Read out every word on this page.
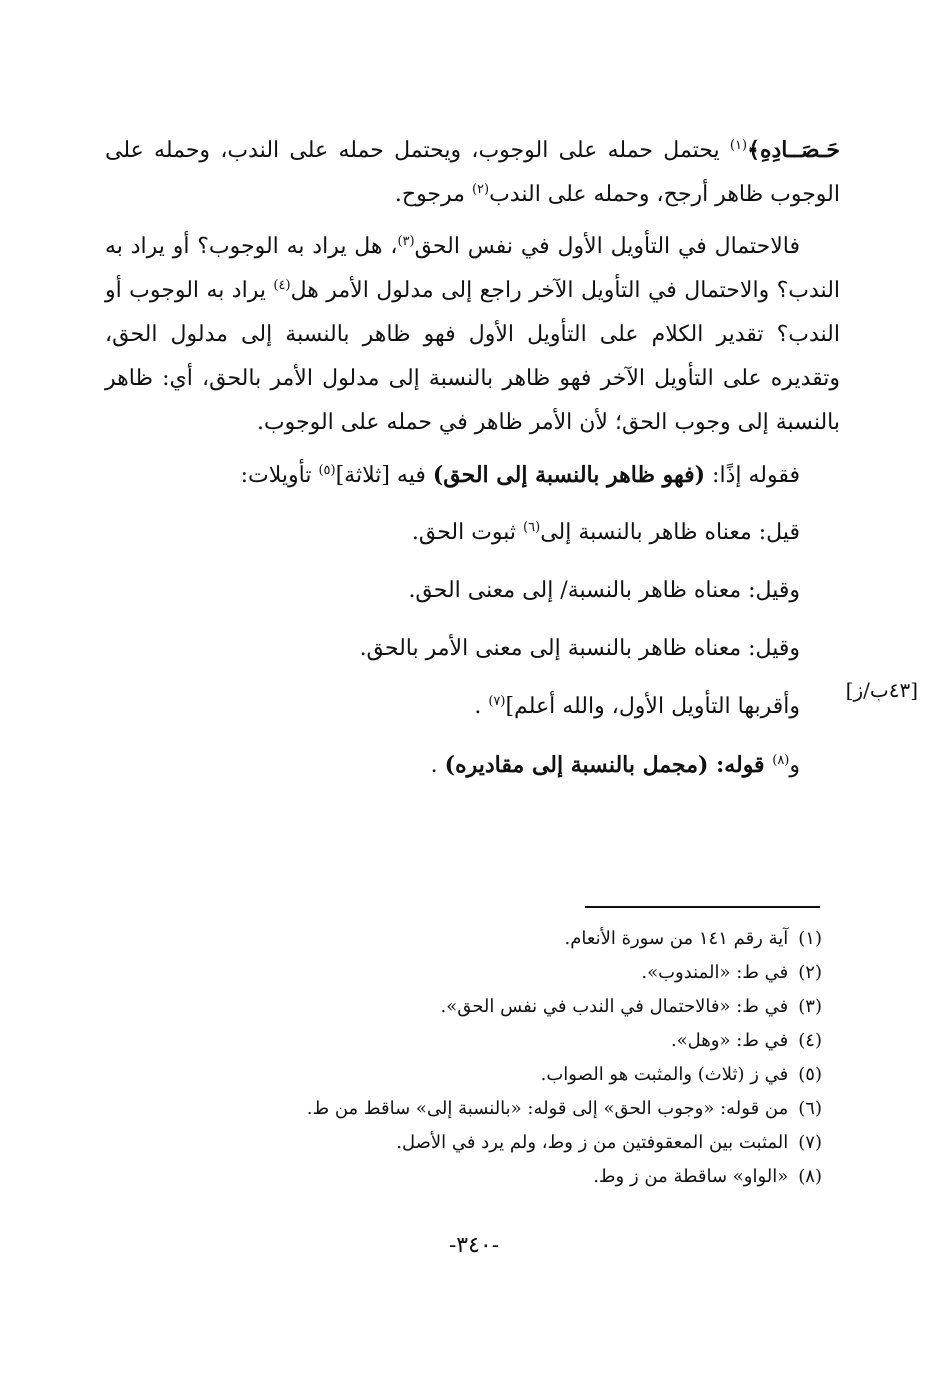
حَـصَــادِهِ﴾$^{(١)}$ يحتمل حمله على الوجوب، ويحتمل حمله على الندب، وحمله على الوجوب ظاهر أرجح، وحمله على الندب$^{(٢)}$ مرجوح.

فالاحتمال في التأويل الأول في نفس الحق$^{(٣)}$، هل يراد به الوجوب؟ أو يراد به الندب؟ والاحتمال في التأويل الآخر راجع إلى مدلول الأمر هل$^{(٤)}$ يراد به الوجوب أو الندب؟ تقدير الكلام على التأويل الأول فهو ظاهر بالنسبة إلى مدلول الحق، وتقديره على التأويل الآخر فهو ظاهر بالنسبة إلى مدلول الأمر بالحق، أي: ظاهر بالنسبة إلى وجوب الحق؛ لأن الأمر ظاهر في حمله على الوجوب.

فقوله إذًا: (فهو ظاهر بالنسبة إلى الحق) فيه [ثلاثة]$^{(٥)}$ تأويلات:

قيل: معناه ظاهر بالنسبة إلى$^{(٦)}$ ثبوت الحق.

وقيل: معناه ظاهر بالنسبة/ إلى معنى الحق.

وقيل: معناه ظاهر بالنسبة إلى معنى الأمر بالحق.

وأقربها التأويل الأول، والله أعلم]$^{(٧)}$ .

و$^{(٨)}$ قوله: (مجمل بالنسبة إلى مقاديره) .

[٤٣ب/ز]

(١)آية رقم ١٤١ من سورة الأنعام.

(٢)في ط: «المندوب».

(٣)في ط: «فالاحتمال في الندب في نفس الحق».

(٤)في ط: «وهل».

(٥)في ز (ثلاث) والمثبت هو الصواب.

(٦)من قوله: «وجوب الحق» إلى قوله: «بالنسبة إلى» ساقط من ط.

(٧)المثبت بين المعقوفتين من ز وط، ولم يرد في الأصل.

(٨)«الواو» ساقطة من ز وط.

-٣٤٠-
